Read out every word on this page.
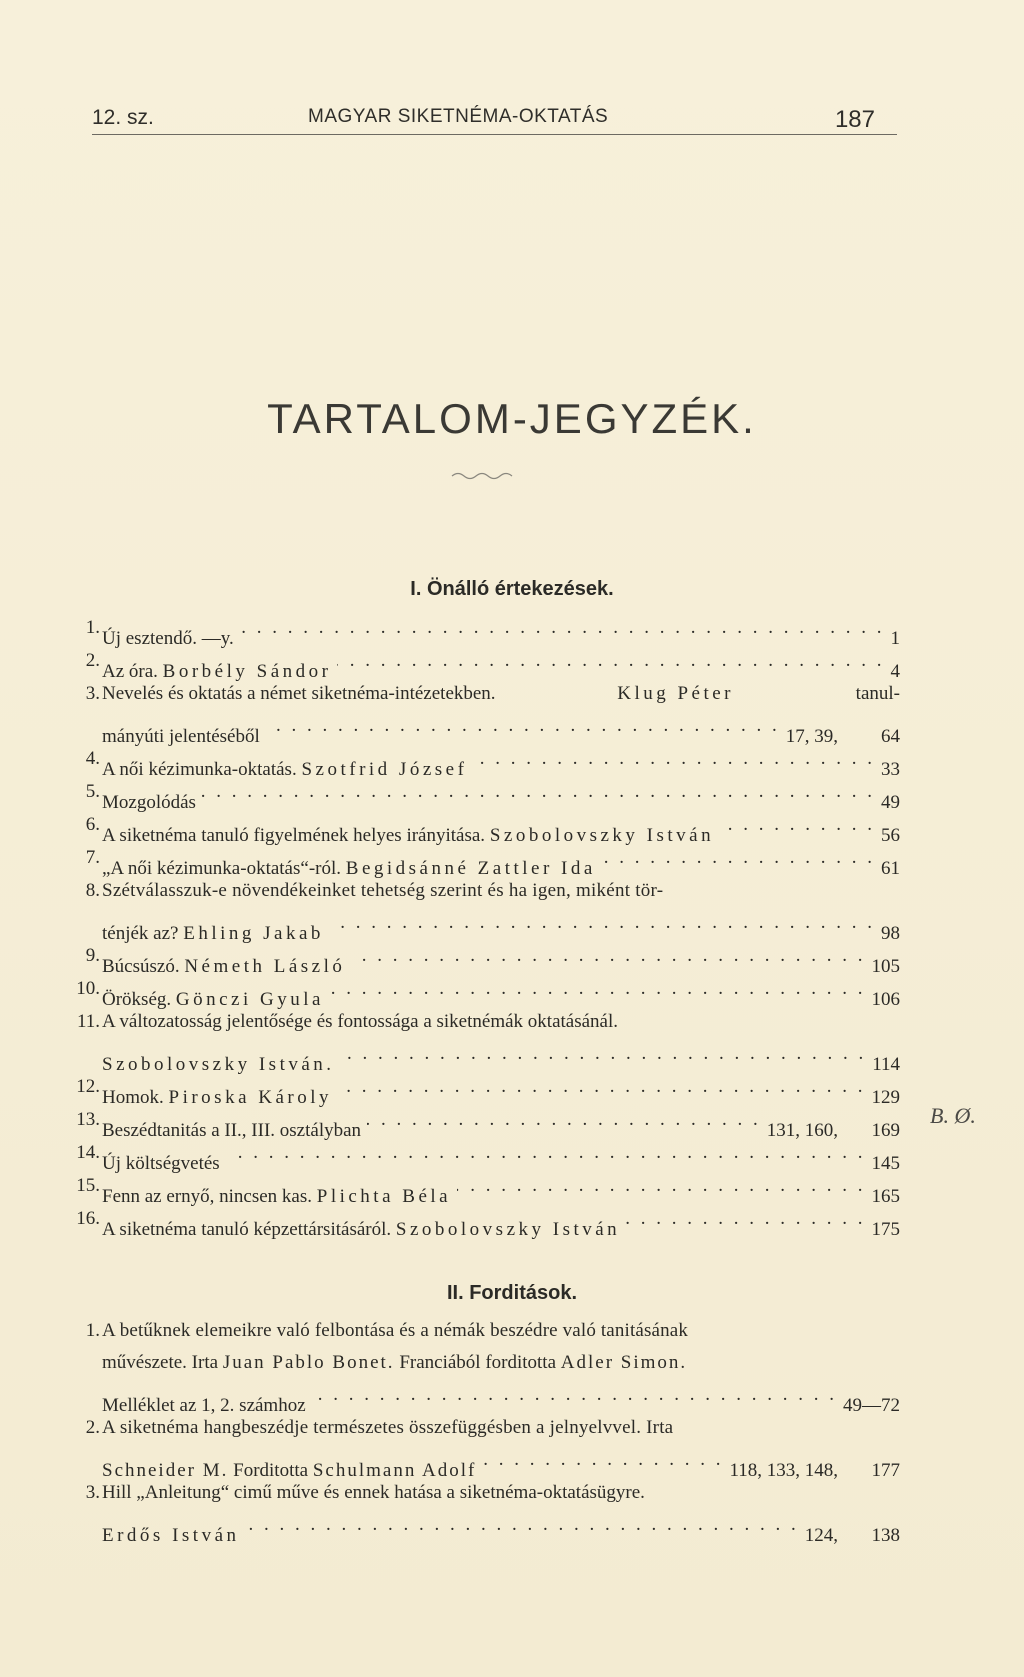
12. sz.	MAGYAR SIKETNÉMA-OKTATÁS	187
TARTALOM-JEGYZÉK.
I. Önálló értekezések.
1.
Új esztendő. —y. . . .	1
2.
Az óra.
Borbély Sándor . . .	4
3. Nevelés és oktatás a német siketnéma-intézetekben.	Klug Péter	tanul-
mányúti jelentéséből . . .	17, 39,	64
4.
A női kézimunka-oktatás.
Szotfrid József . . .	33
5.
Mozgolódás . . .	49
6.
A siketnéma tanuló figyelmének helyes irányitása.
Szobolovszky István . . .	56
7.
„A női kézimunka-oktatás“-ról.
Begidsánné Zattler Ida . . .	61
8. Szétválasszuk-e növendékeinket tehetség szerint és ha igen, miként tör-
ténjék az?
Ehling Jakab . . .	98
9.
Búcsúszó.
Németh László . . .	105
10.
Örökség.
Gönczi Gyula . . .	106
11. A változatosság jelentősége és fontossága a siketnémák oktatásánál.
Szobolovszky István. . . .	114
12.
Homok.
Piroska Károly . . .	129
13.
Beszédtanitás a II., III. osztályban . . .	131, 160,	169
14.
Új költségvetés . . .	145
15.
Fenn az ernyő, nincsen kas.
Plichta Béla . . .	165
16.
A siketnéma tanuló képzettársitásáról.
Szobolovszky István . . .	175
II. Forditások.
1. A betűknek elemeikre való felbontása és a némák beszédre való tanitásának
művészete. Irta
Juan Pablo Bonet.
Franciából forditotta
Adler Simon.
Melléklet az 1, 2. számhoz . . .	49—72
2. A siketnéma hangbeszédje természetes összefüggésben a jelnyelvvel. Irta
Schneider M.
Forditotta
Schulmann Adolf . . .	118, 133, 148,	177
3. Hill „Anleitung“ cimű műve és ennek hatása a siketnéma-oktatásügyre.
Erdős István . . .	124,	138
B. Ø.
